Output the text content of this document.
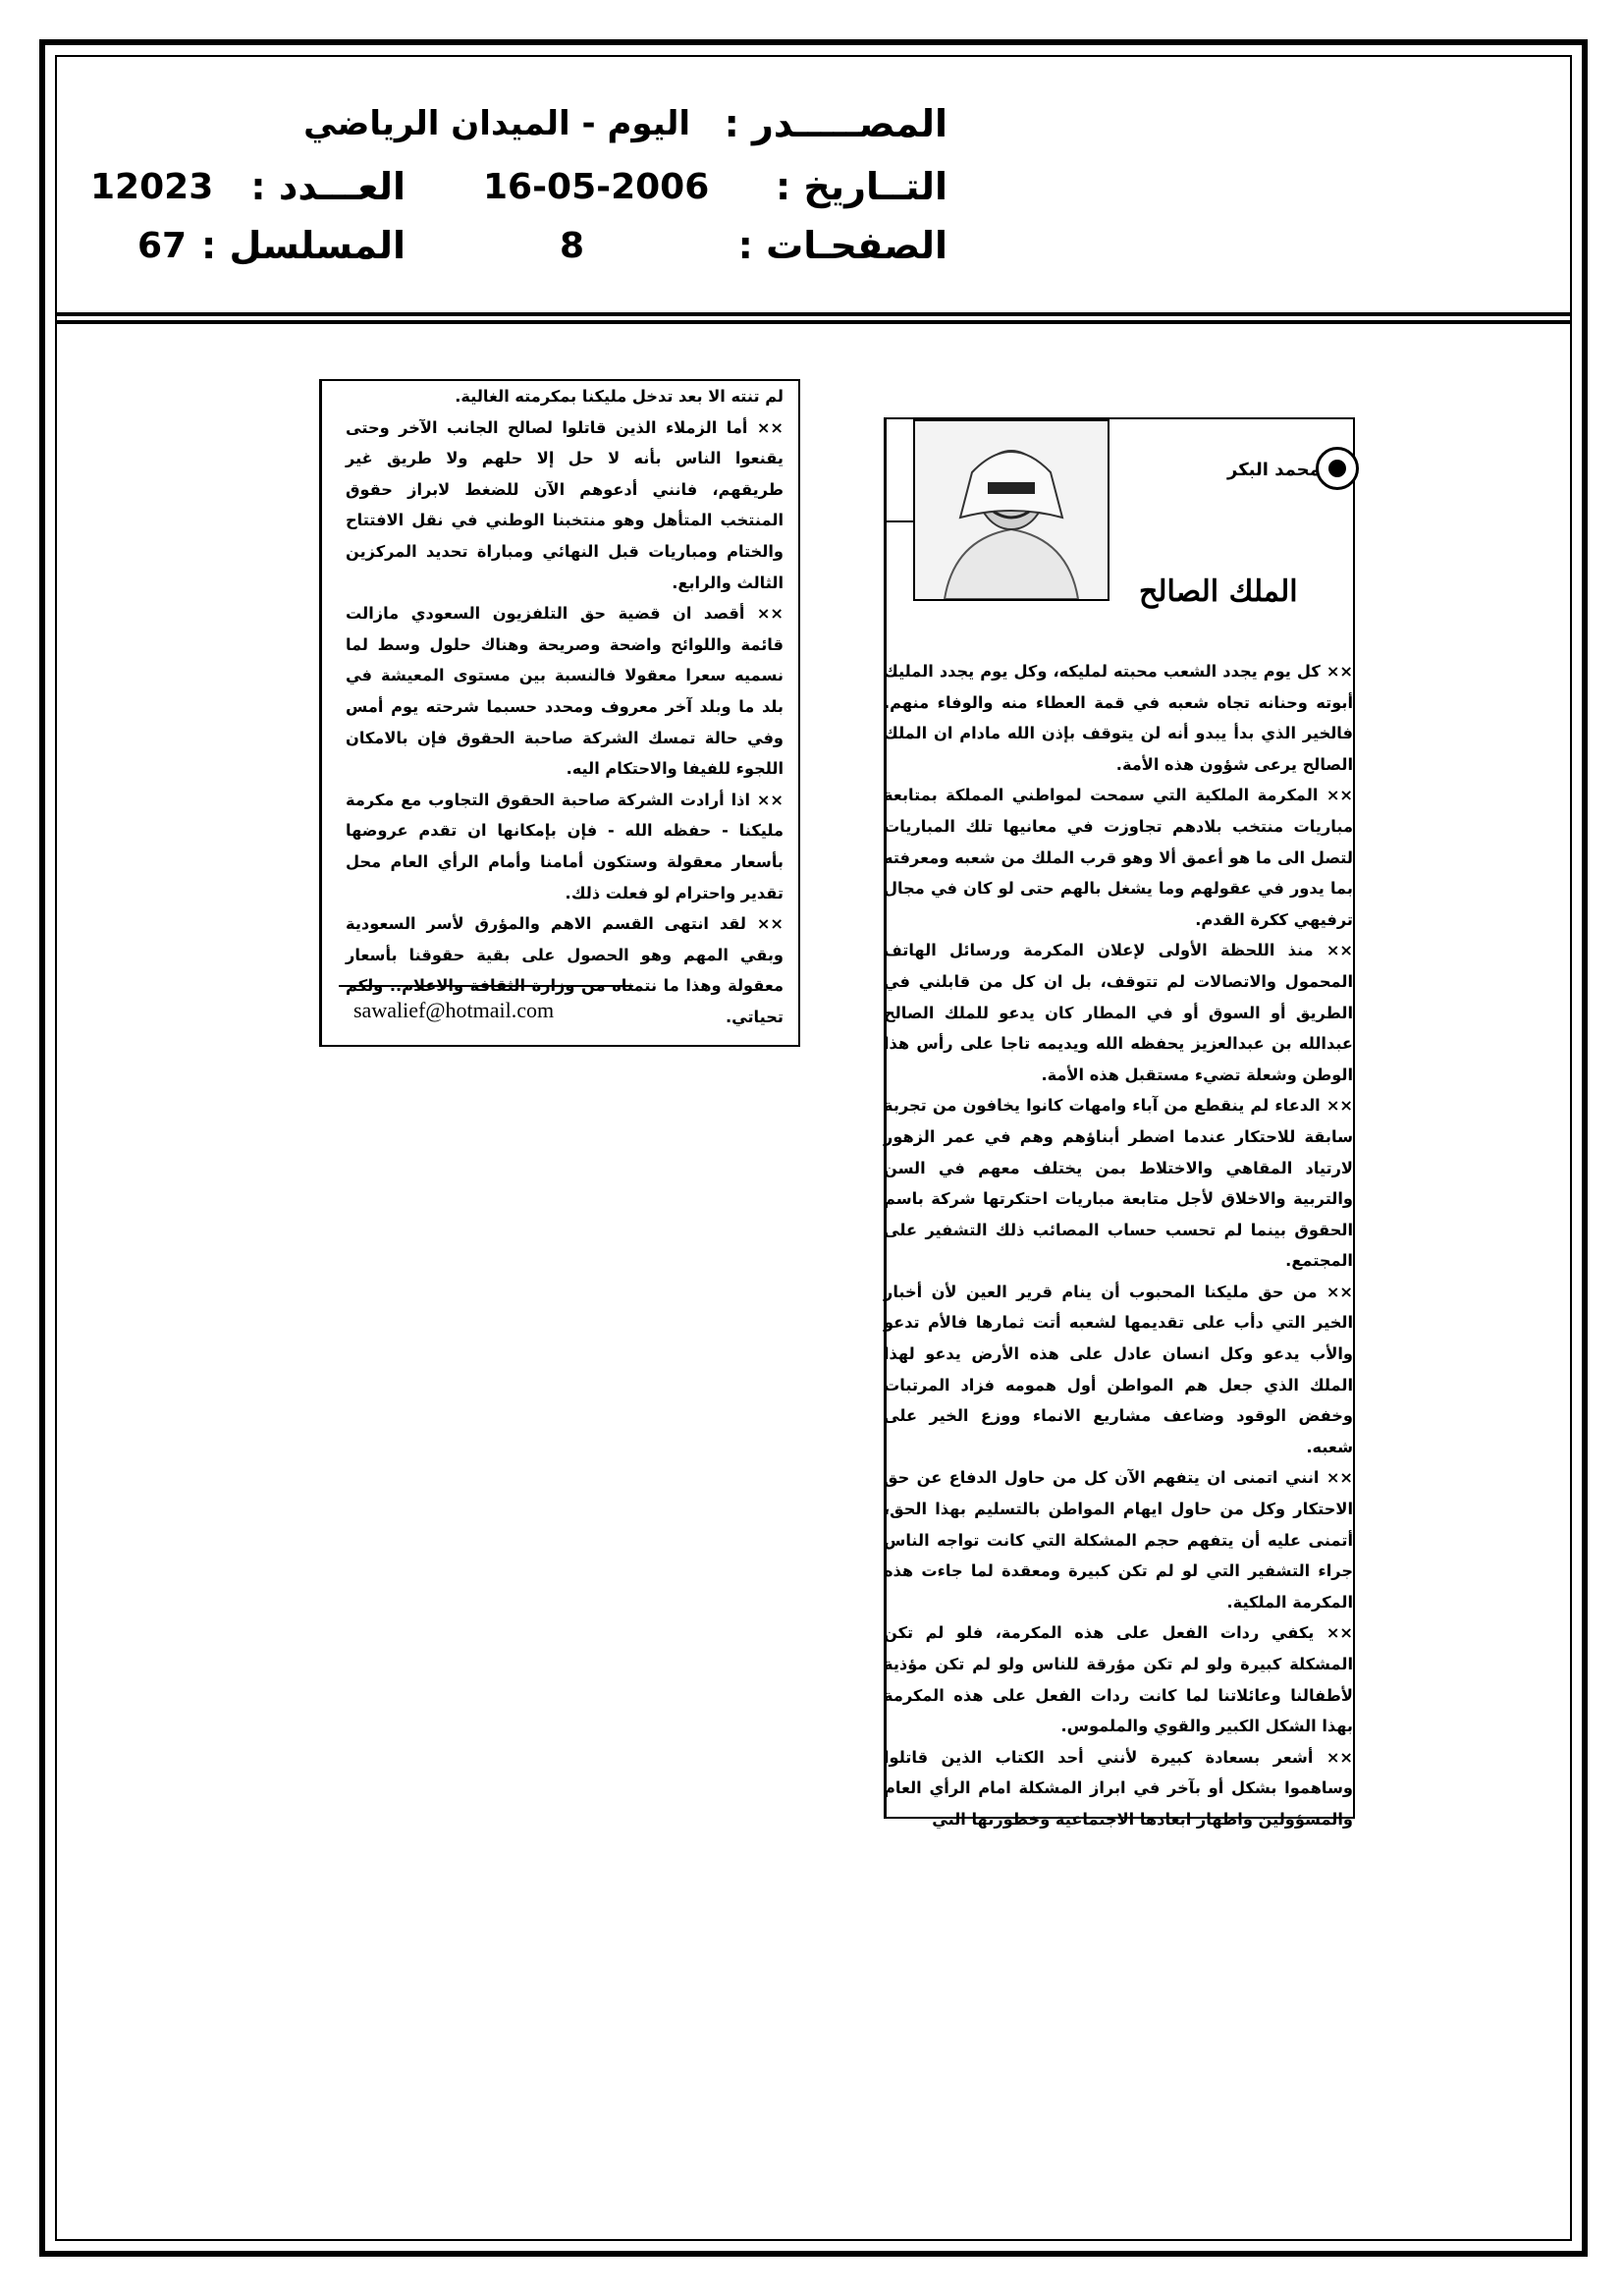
المصـــــدر :
اليوم - الميدان الرياضي
التــاريخ :
16-05-2006
العـــدد :
12023
الصفحـات :
8
المسلسل :
67
محمد البكر
الملك الصالح

×× كل يوم يجدد الشعب محبته لمليكه، وكل يوم يجدد المليك أبوته وحنانه تجاه شعبه في قمة العطاء منه والوفاء منهم. فالخير الذي بدأ يبدو أنه لن يتوقف بإذن الله مادام ان الملك الصالح يرعى شؤون هذه الأمة.

×× المكرمة الملكية التي سمحت لمواطني المملكة بمتابعة مباريات منتخب بلادهم تجاوزت في معانيها تلك المباريات لتصل الى ما هو أعمق ألا وهو قرب الملك من شعبه ومعرفته بما يدور في عقولهم وما يشغل بالهم حتى لو كان في مجال ترفيهي ككرة القدم.

×× منذ اللحظة الأولى لإعلان المكرمة ورسائل الهاتف المحمول والاتصالات لم تتوقف، بل ان كل من قابلني في الطريق أو السوق أو في المطار كان يدعو للملك الصالح عبدالله بن عبدالعزيز يحفظه الله ويديمه تاجا على رأس هذا الوطن وشعلة تضيء مستقبل هذه الأمة.

×× الدعاء لم ينقطع من آباء وامهات كانوا يخافون من تجربة سابقة للاحتكار عندما اضطر أبناؤهم وهم في عمر الزهور لارتياد المقاهي والاختلاط بمن يختلف معهم في السن والتربية والاخلاق لأجل متابعة مباريات احتكرتها شركة باسم الحقوق بينما لم تحسب حساب المصائب ذلك التشفير على المجتمع.

×× من حق مليكنا المحبوب أن ينام قرير العين لأن أخبار الخير التي دأب على تقديمها لشعبه أتت ثمارها فالأم تدعو والأب يدعو وكل انسان عادل على هذه الأرض يدعو لهذا الملك الذي جعل هم المواطن أول همومه فزاد المرتبات وخفض الوقود وضاعف مشاريع الانماء ووزع الخير على شعبه.

×× انني اتمنى ان يتفهم الآن كل من حاول الدفاع عن حق الاحتكار وكل من حاول ايهام المواطن بالتسليم بهذا الحق، أتمنى عليه أن يتفهم حجم المشكلة التي كانت تواجه الناس جراء التشفير التي لو لم تكن كبيرة ومعقدة لما جاءت هذه المكرمة الملكية.

×× يكفي ردات الفعل على هذه المكرمة، فلو لم تكن المشكلة كبيرة ولو لم تكن مؤرقة للناس ولو لم تكن مؤذية لأطفالنا وعائلاتنا لما كانت ردات الفعل على هذه المكرمة بهذا الشكل الكبير والقوي والملموس.

×× أشعر بسعادة كبيرة لأنني أحد الكتاب الذين قاتلوا وساهموا بشكل أو بآخر في ابراز المشكلة امام الرأي العام والمسؤولين واظهار ابعادها الاجتماعية وخطورتها التي

لم تنته الا بعد تدخل مليكنا بمكرمته الغالية.

×× أما الزملاء الذين قاتلوا لصالح الجانب الآخر وحتى يقنعوا الناس بأنه لا حل إلا حلهم ولا طريق غير طريقهم، فانني أدعوهم الآن للضغط لابراز حقوق المنتخب المتأهل وهو منتخبنا الوطني في نقل الافتتاح والختام ومباريات قبل النهائي ومباراة تحديد المركزين الثالث والرابع.

×× أقصد ان قضية حق التلفزيون السعودي مازالت قائمة واللوائح واضحة وصريحة وهناك حلول وسط لما نسميه سعرا معقولا فالنسبة بين مستوى المعيشة في بلد ما وبلد آخر معروف ومحدد حسبما شرحته يوم أمس وفي حالة تمسك الشركة صاحبة الحقوق فإن بالامكان اللجوء للفيفا والاحتكام اليه.

×× اذا أرادت الشركة صاحبة الحقوق التجاوب مع مكرمة مليكنا - حفظه الله - فإن بإمكانها ان تقدم عروضها بأسعار معقولة وستكون أمامنا وأمام الرأي العام محل تقدير واحترام لو فعلت ذلك.

×× لقد انتهى القسم الاهم والمؤرق لأسر السعودية وبقي المهم وهو الحصول على بقية حقوقنا بأسعار معقولة وهذا ما نتمناه من وزارة الثقافة والاعلام.. ولكم تحياتي.

sawalief@hotmail.com
